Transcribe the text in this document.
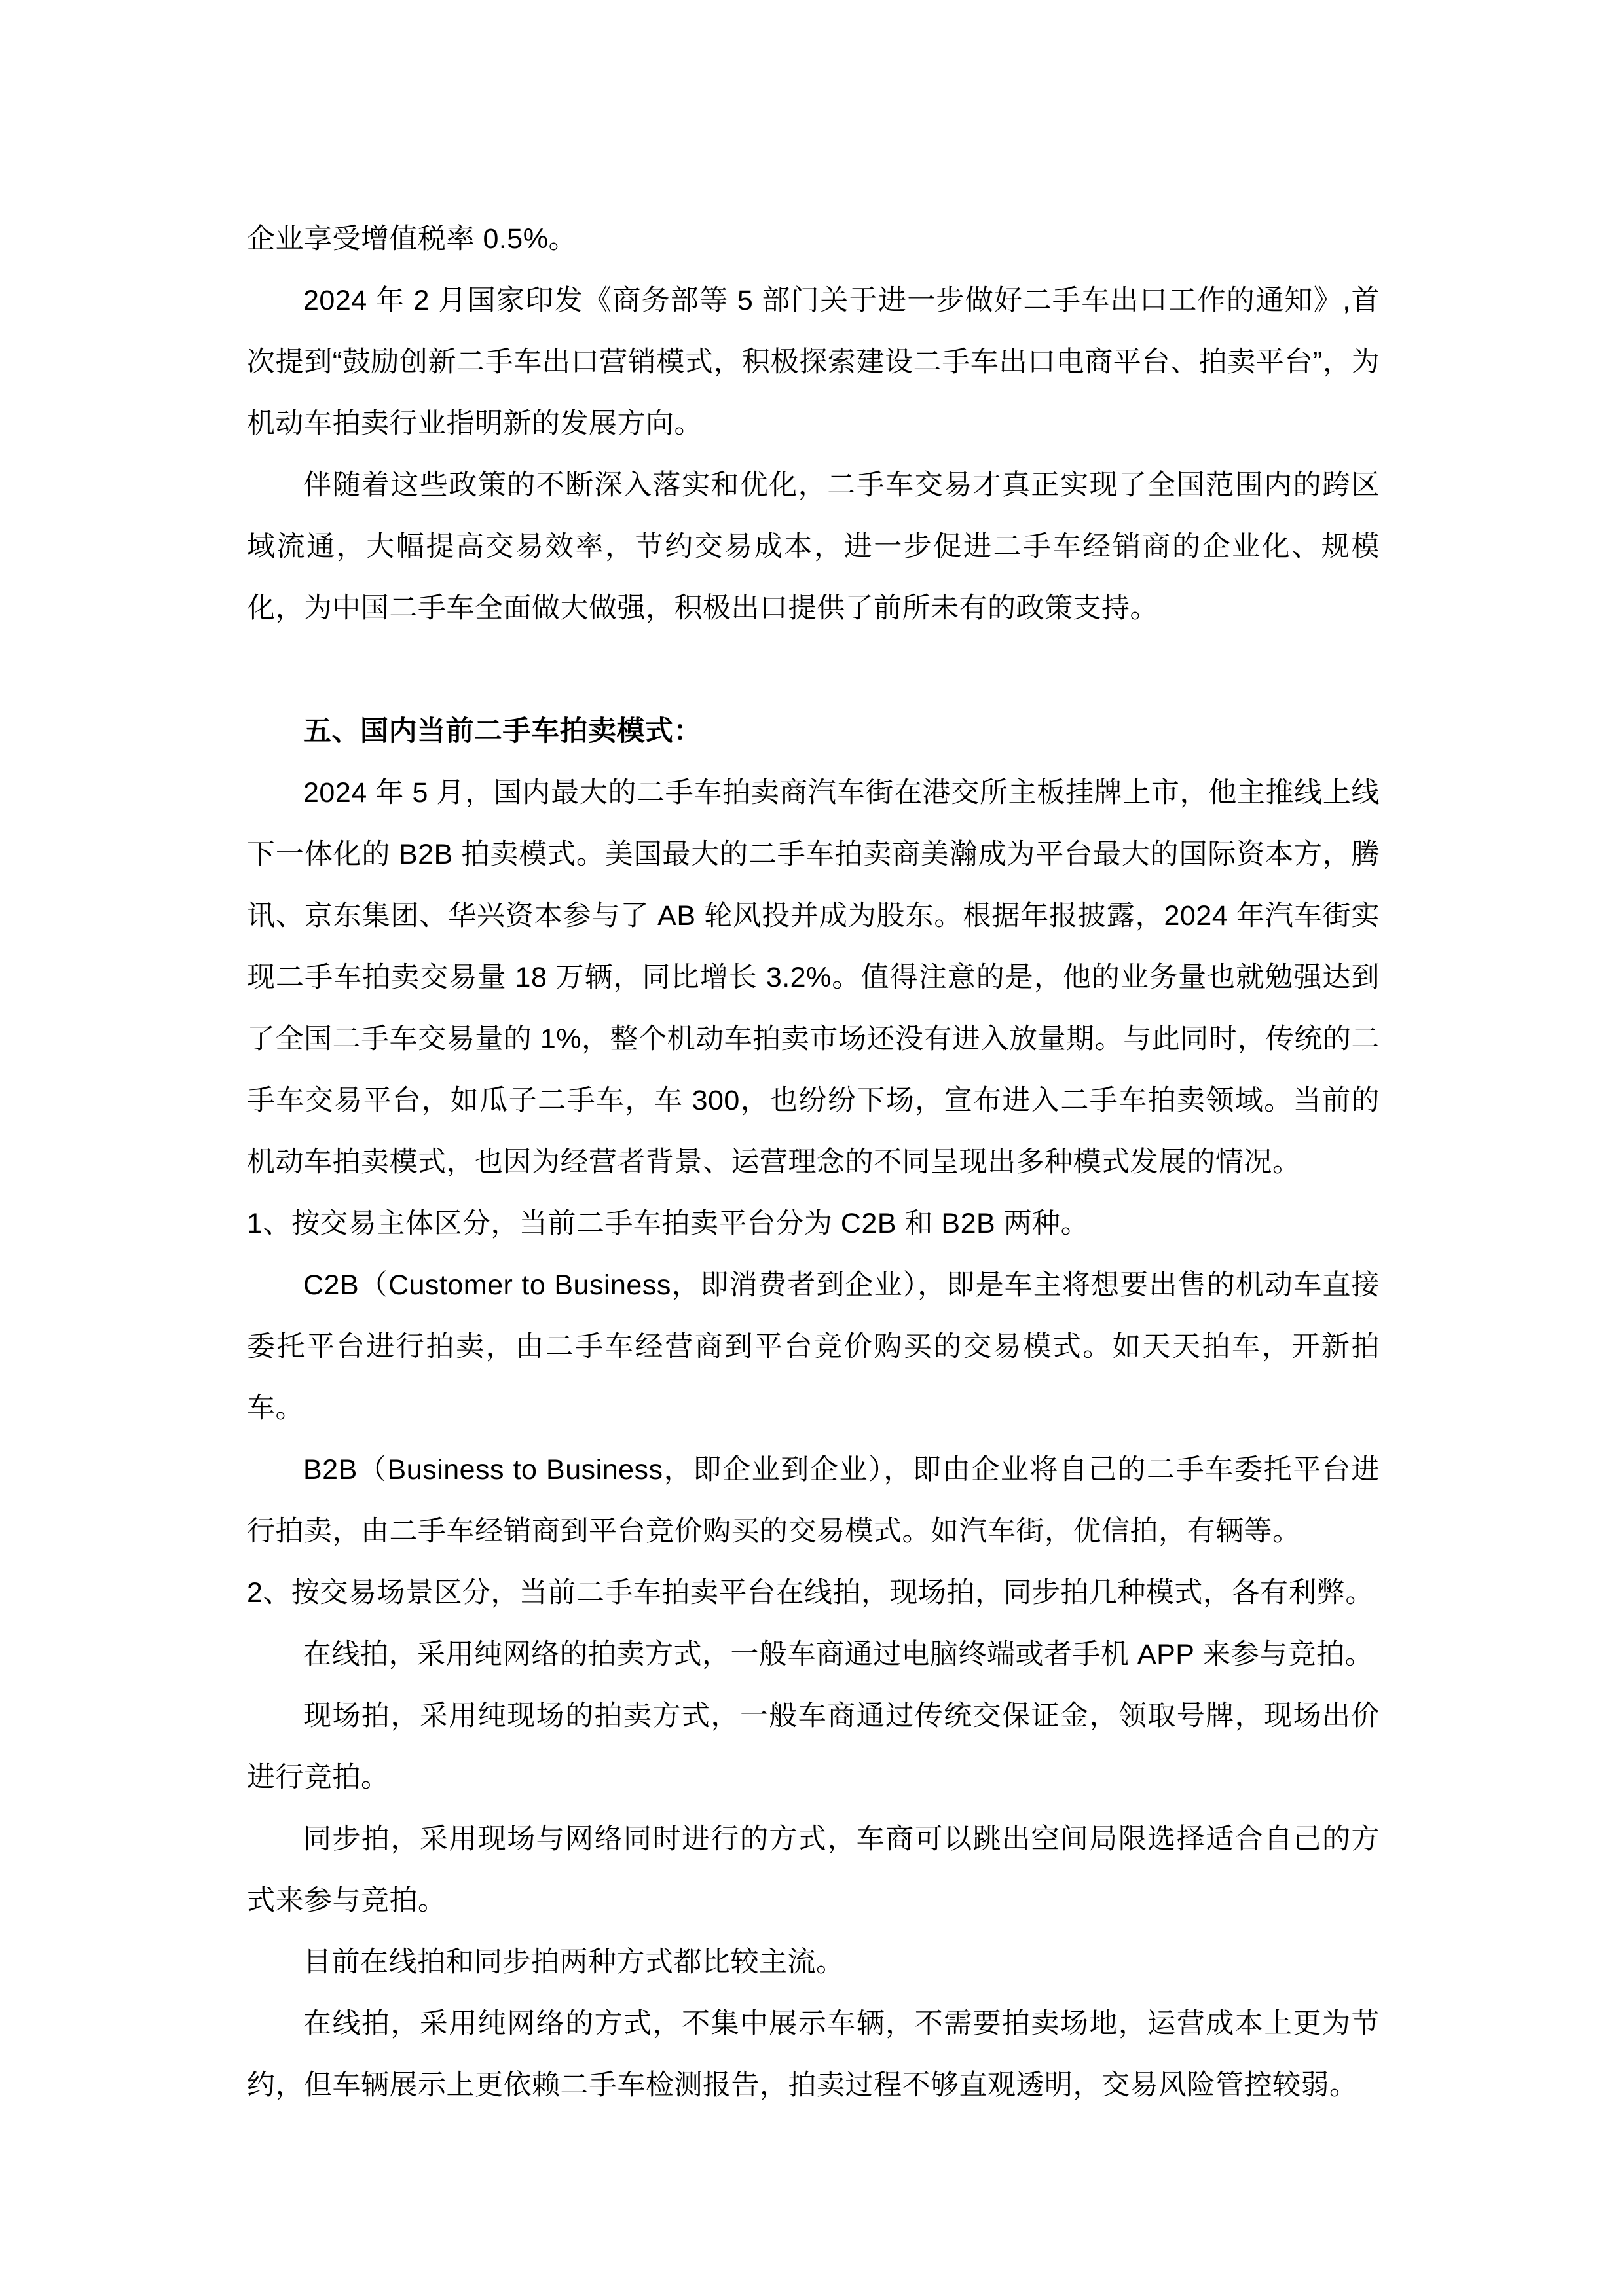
企业享受增值税率 0.5%。

2024 年 2 月国家印发《商务部等 5 部门关于进一步做好二手车出口工作的通知》,首次提到“鼓励创新二手车出口营销模式，积极探索建设二手车出口电商平台、拍卖平台”，为机动车拍卖行业指明新的发展方向。

伴随着这些政策的不断深入落实和优化，二手车交易才真正实现了全国范围内的跨区域流通，大幅提高交易效率，节约交易成本，进一步促进二手车经销商的企业化、规模化，为中国二手车全面做大做强，积极出口提供了前所未有的政策支持。

五、国内当前二手车拍卖模式：

2024 年 5 月，国内最大的二手车拍卖商汽车街在港交所主板挂牌上市，他主推线上线下一体化的 B2B 拍卖模式。美国最大的二手车拍卖商美瀚成为平台最大的国际资本方，腾讯、京东集团、华兴资本参与了 AB 轮风投并成为股东。根据年报披露，2024 年汽车街实现二手车拍卖交易量 18 万辆，同比增长 3.2%。值得注意的是，他的业务量也就勉强达到了全国二手车交易量的 1%，整个机动车拍卖市场还没有进入放量期。与此同时，传统的二手车交易平台，如瓜子二手车，车 300，也纷纷下场，宣布进入二手车拍卖领域。当前的机动车拍卖模式，也因为经营者背景、运营理念的不同呈现出多种模式发展的情况。

1、按交易主体区分，当前二手车拍卖平台分为 C2B 和 B2B 两种。

C2B（Customer to Business，即消费者到企业），即是车主将想要出售的机动车直接委托平台进行拍卖，由二手车经营商到平台竞价购买的交易模式。如天天拍车，开新拍车。

B2B（Business to Business，即企业到企业），即由企业将自己的二手车委托平台进行拍卖，由二手车经销商到平台竞价购买的交易模式。如汽车街，优信拍，有辆等。

2、按交易场景区分，当前二手车拍卖平台在线拍，现场拍，同步拍几种模式，各有利弊。

在线拍，采用纯网络的拍卖方式，一般车商通过电脑终端或者手机 APP 来参与竞拍。

现场拍，采用纯现场的拍卖方式，一般车商通过传统交保证金，领取号牌，现场出价进行竞拍。

同步拍，采用现场与网络同时进行的方式，车商可以跳出空间局限选择适合自己的方式来参与竞拍。

目前在线拍和同步拍两种方式都比较主流。

在线拍，采用纯网络的方式，不集中展示车辆，不需要拍卖场地，运营成本上更为节约，但车辆展示上更依赖二手车检测报告，拍卖过程不够直观透明，交易风险管控较弱。
